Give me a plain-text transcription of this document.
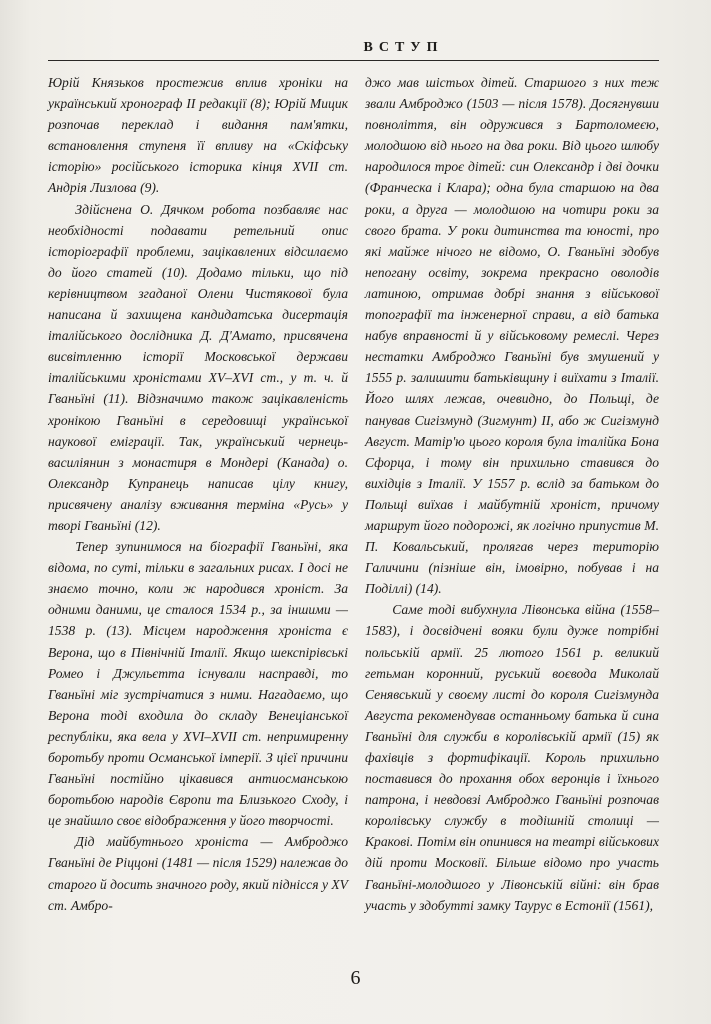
ВСТУП

Юрій Князьков простежив вплив хроніки на український хронограф II редакції (8); Юрій Мицик розпочав переклад і видання пам'ятки, встановлення ступеня її впливу на «Скіфську історію» російського історика кінця XVII ст. Андрія Лизлова (9).

Здійснена О. Дячком робота позбавляє нас необхідності подавати ретельний опис історіографії проблеми, зацікавлених відсилаємо до його статей (10). Додамо тільки, що під керівництвом згаданої Олени Чистякової була написана й захищена кандидатська дисертація італійського дослідника Д. Д'Амато, присвячена висвітленню історії Московської держави італійськими хроністами XV–XVI ст., у т. ч. й Гваньїні (11). Відзначимо також зацікавленість хронікою Гваньїні в середовищі української наукової еміграції. Так, український чернець-василіянин з монастиря в Мондері (Канада) о. Олександр Купранець написав цілу книгу, присвячену аналізу вживання терміна «Русь» у творі Гваньїні (12).

Тепер зупинимося на біографії Гваньїні, яка відома, по суті, тільки в загальних рисах. І досі не знаємо точно, коли ж народився хроніст. За одними даними, це сталося 1534 р., за іншими — 1538 р. (13). Місцем народження хроніста є Верона, що в Північній Італії. Якщо шекспірівські Ромео і Джульєтта існували насправді, то Гваньїні міг зустрічатися з ними. Нагадаємо, що Верона тоді входила до складу Венеціанської республіки, яка вела у XVI–XVII ст. непримиренну боротьбу проти Османської імперії. З цієї причини Гваньїні постійно цікавився антиосманською боротьбою народів Європи та Близького Сходу, і це знайшло своє відображення у його творчості.

Дід майбутнього хроніста — Амброджо Гваньїні де Ріццоні (1481 — після 1529) належав до старого й досить значного роду, який піднісся у XV ст. Амбро-

джо мав шістьох дітей. Старшого з них теж звали Амброджо (1503 — після 1578). Досягнувши повноліття, він одружився з Бартоломеєю, молодшою від нього на два роки. Від цього шлюбу народилося троє дітей: син Олександр і дві дочки (Франческа і Клара); одна була старшою на два роки, а друга — молодшою на чотири роки за свого брата. У роки дитинства та юності, про які майже нічого не відомо, О. Гваньїні здобув непогану освіту, зокрема прекрасно оволодів латиною, отримав добрі знання з військової топографії та інженерної справи, а від батька набув вправності й у військовому ремеслі. Через нестатки Амброджо Гваньїні був змушений у 1555 р. залишити батьківщину і виїхати з Італії. Його шлях лежав, очевидно, до Польщі, де панував Сигізмунд (Зигмунт) II, або ж Сигізмунд Август. Матір'ю цього короля була італійка Бона Сфорца, і тому він прихильно ставився до вихідців з Італії. У 1557 р. вслід за батьком до Польщі виїхав і майбутній хроніст, причому маршрут його подорожі, як логічно припустив М. П. Ковальський, пролягав через територію Галичини (пізніше він, імовірно, побував і на Поділлі) (14).

Саме тоді вибухнула Лівонська війна (1558–1583), і досвідчені вояки були дуже потрібні польській армії. 25 лютого 1561 р. великий гетьман коронний, руський воєвода Миколай Сенявський у своєму листі до короля Сигізмунда Августа рекомендував останньому батька й сина Гваньїні для служби в королівській армії (15) як фахівців з фортифікації. Король прихильно поставився до прохання обох веронців і їхнього патрона, і невдовзі Амброджо Гваньїні розпочав королівську службу в тодішній столиці — Кракові. Потім він опинився на театрі військових дій проти Московії. Більше відомо про участь Гваньїні-молодшого у Лівонській війні: він брав участь у здобутті замку Таурус в Естонії (1561),

6
